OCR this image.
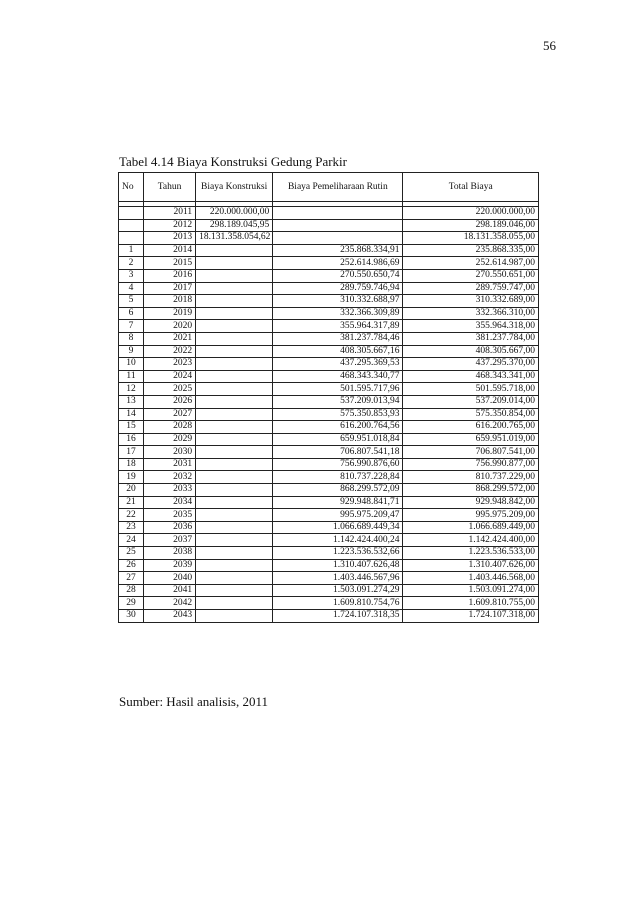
56
Tabel 4.14 Biaya Konstruksi Gedung Parkir
No	Tahun	Biaya Konstruksi	Biaya Pemeliharaan Rutin	Total Biaya

	2011	220.000.000,00		220.000.000,00
	2012	298.189.045,95		298.189.046,00
	2013	18.131.358.054,62		18.131.358.055,00
1	2014		235.868.334,91	235.868.335,00
2	2015		252.614.986,69	252.614.987,00
3	2016		270.550.650,74	270.550.651,00
4	2017		289.759.746,94	289.759.747,00
5	2018		310.332.688,97	310.332.689,00
6	2019		332.366.309,89	332.366.310,00
7	2020		355.964.317,89	355.964.318,00
8	2021		381.237.784,46	381.237.784,00
9	2022		408.305.667,16	408.305.667,00
10	2023		437.295.369,53	437.295.370,00
11	2024		468.343.340,77	468.343.341,00
12	2025		501.595.717,96	501.595.718,00
13	2026		537.209.013,94	537.209.014,00
14	2027		575.350.853,93	575.350.854,00
15	2028		616.200.764,56	616.200.765,00
16	2029		659.951.018,84	659.951.019,00
17	2030		706.807.541,18	706.807.541,00
18	2031		756.990.876,60	756.990.877,00
19	2032		810.737.228,84	810.737.229,00
20	2033		868.299.572,09	868.299.572,00
21	2034		929.948.841,71	929.948.842,00
22	2035		995.975.209,47	995.975.209,00
23	2036		1.066.689.449,34	1.066.689.449,00
24	2037		1.142.424.400,24	1.142.424.400,00
25	2038		1.223.536.532,66	1.223.536.533,00
26	2039		1.310.407.626,48	1.310.407.626,00
27	2040		1.403.446.567,96	1.403.446.568,00
28	2041		1.503.091.274,29	1.503.091.274,00
29	2042		1.609.810.754,76	1.609.810.755,00
30	2043		1.724.107.318,35	1.724.107.318,00
Sumber: Hasil analisis, 2011
